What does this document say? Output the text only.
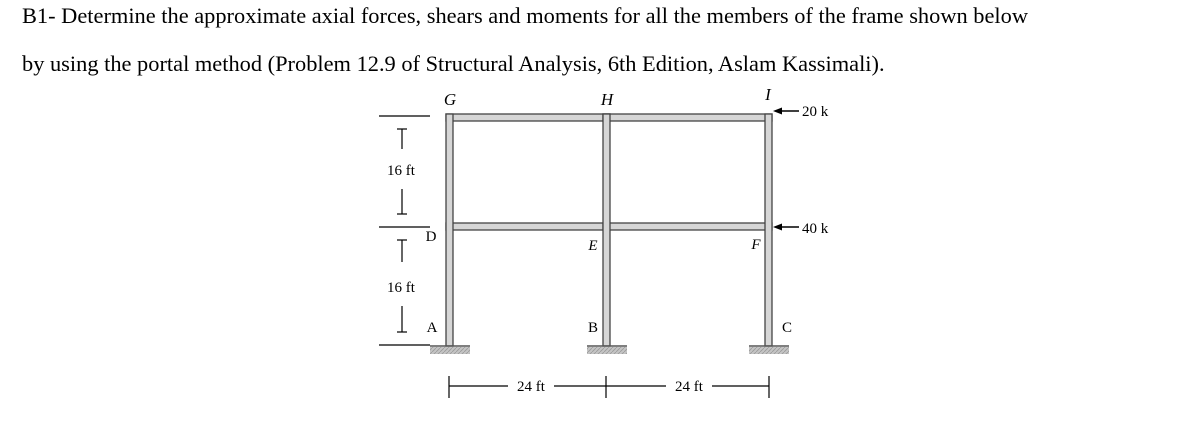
B1- Determine the approximate axial forces, shears and moments for all the members of the frame shown below

by using the portal method (Problem 12.9 of Structural Analysis, 6th Edition, Aslam Kassimali).

G	H	I
D
E	F
A	B	C
20 k
40 k
16 ft
16 ft
24 ft	24 ft
